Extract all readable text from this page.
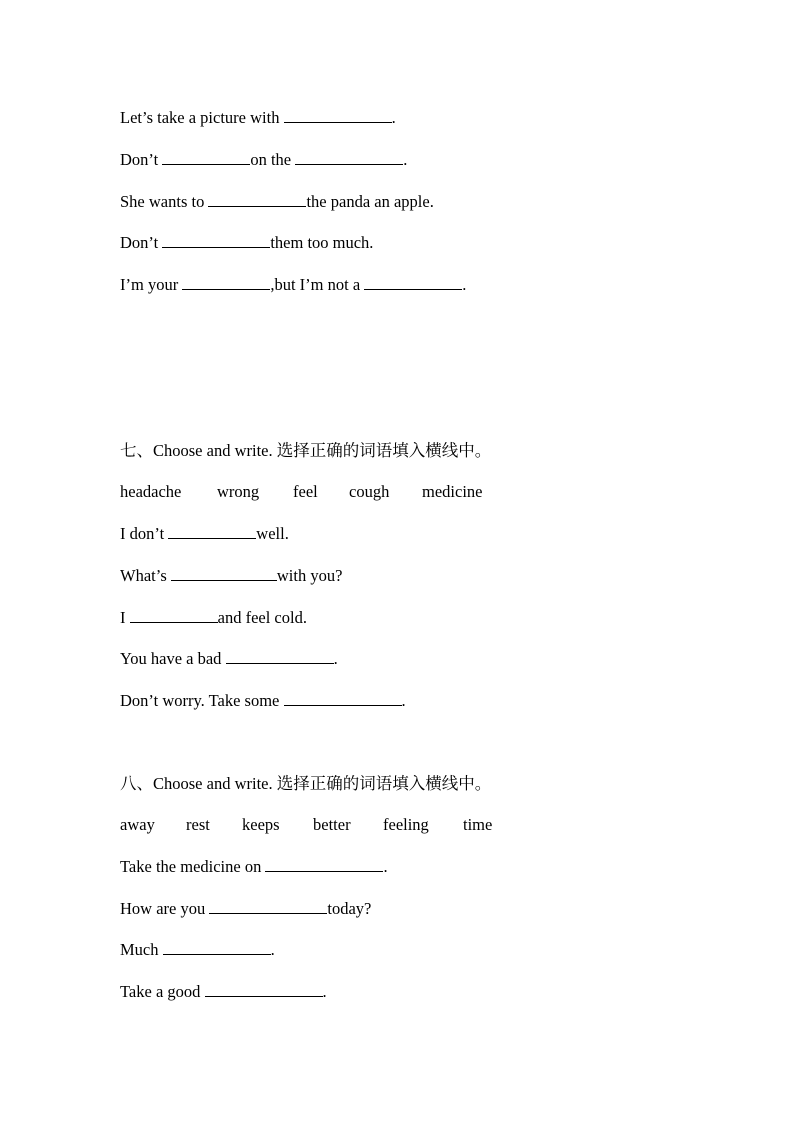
Let’s take a picture with	.
Don’t	on the	.
She wants to	the panda an apple.
Don’t	them too much.
I’m your	,but I’m not a	.
七、Choose and write. 选择正确的词语填入横线中。
headache wrong feel cough medicine
I don’t	well.
What’s	with you?
I	and feel cold.
You have a bad	.
Don’t worry. Take some	.
八、Choose and write. 选择正确的词语填入横线中。
away rest keeps better feeling time
Take the medicine on	.
How are you	today?
Much	.
Take a good	.
